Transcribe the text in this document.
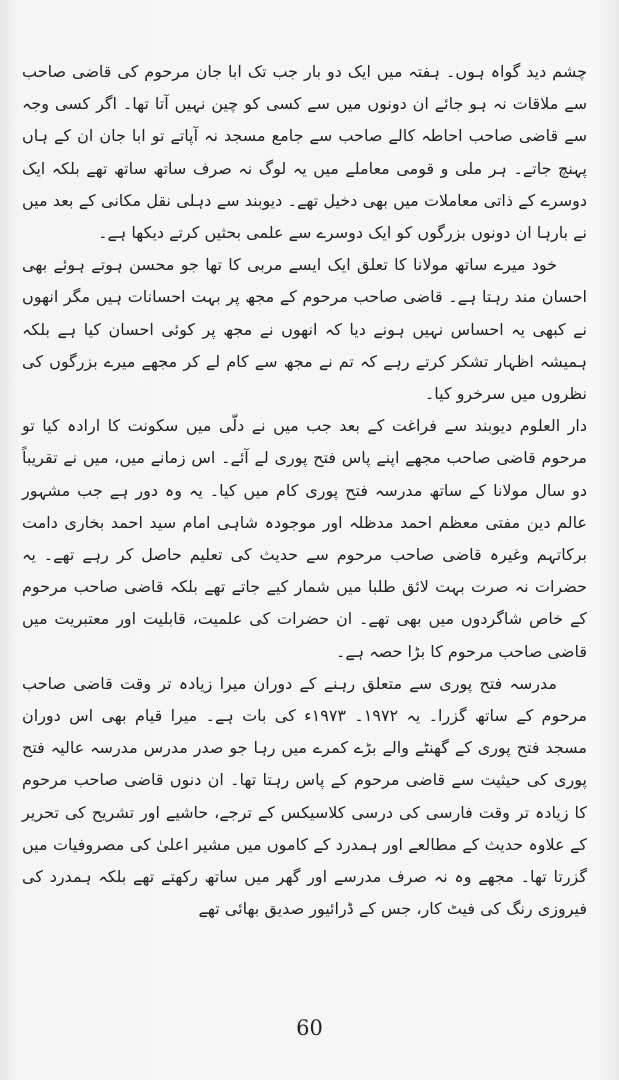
چشم دید گواہ ہوں۔ ہفتہ میں ایک دو بار جب تک ابا جان مرحوم کی قاضی صاحب سے ملاقات نہ ہو جائے ان دونوں میں سے کسی کو چین نہیں آتا تھا۔ اگر کسی وجہ سے قاضی صاحب احاطہ کالے صاحب سے جامع مسجد نہ آپاتے تو ابا جان ان کے ہاں پہنچ جاتے۔ ہر ملی و قومی معاملے میں یہ لوگ نہ صرف ساتھ ساتھ تھے بلکہ ایک دوسرے کے ذاتی معاملات میں بھی دخیل تھے۔ دیوبند سے دہلی نقل مکانی کے بعد میں نے بارہا ان دونوں بزرگوں کو ایک دوسرے سے علمی بحثیں کرتے دیکھا ہے۔

خود میرے ساتھ مولانا کا تعلق ایک ایسے مربی کا تھا جو محسن ہوتے ہوئے بھی احسان مند رہتا ہے۔ قاضی صاحب مرحوم کے مجھ پر بہت احسانات ہیں مگر انھوں نے کبھی یہ احساس نہیں ہونے دیا کہ انھوں نے مجھ پر کوئی احسان کیا ہے بلکہ ہمیشہ اظہار تشکر کرتے رہے کہ تم نے مجھ سے کام لے کر مجھے میرے بزرگوں کی نظروں میں سرخرو کیا۔

دار العلوم دیوبند سے فراغت کے بعد جب میں نے دلّی میں سکونت کا ارادہ کیا تو مرحوم قاضی صاحب مجھے اپنے پاس فتح پوری لے آئے۔ اس زمانے میں، میں نے تقریباً دو سال مولانا کے ساتھ مدرسہ فتح پوری کام میں کیا۔ یہ وہ دور ہے جب مشہور عالم دین مفتی معظم احمد مدظلہ اور موجودہ شاہی امام سید احمد بخاری دامت برکاتہم وغیرہ قاضی صاحب مرحوم سے حدیث کی تعلیم حاصل کر رہے تھے۔ یہ حضرات نہ صرت بہت لائق طلبا میں شمار کیے جاتے تھے بلکہ قاضی صاحب مرحوم کے خاص شاگردوں میں بھی تھے۔ ان حضرات کی علمیت، قابلیت اور معتبریت میں قاضی صاحب مرحوم کا بڑا حصہ ہے۔

مدرسہ فتح پوری سے متعلق رہنے کے دوران میرا زیادہ تر وقت قاضی صاحب مرحوم کے ساتھ گزرا۔ یہ ۱۹۷۲۔ ۱۹۷۳ء کی بات ہے۔ میرا قیام بھی اس دوران مسجد فتح پوری کے گھنٹے والے بڑے کمرے میں رہا جو صدر مدرس مدرسہ عالیہ فتح پوری کی حیثیت سے قاضی مرحوم کے پاس رہتا تھا۔ ان دنوں قاضی صاحب مرحوم کا زیادہ تر وقت فارسی کی درسی کلاسیکس کے ترجے، حاشیے اور تشریح کی تحریر کے علاوہ حدیث کے مطالعے اور ہمدرد کے کاموں میں مشیر اعلیٰ کی مصروفیات میں گزرتا تھا۔ مجھے وہ نہ صرف مدرسے اور گھر میں ساتھ رکھتے تھے بلکہ ہمدرد کی فیروزی رنگ کی فیٹ کار، جس کے ڈرائیور صدیق بھائی تھے

60
